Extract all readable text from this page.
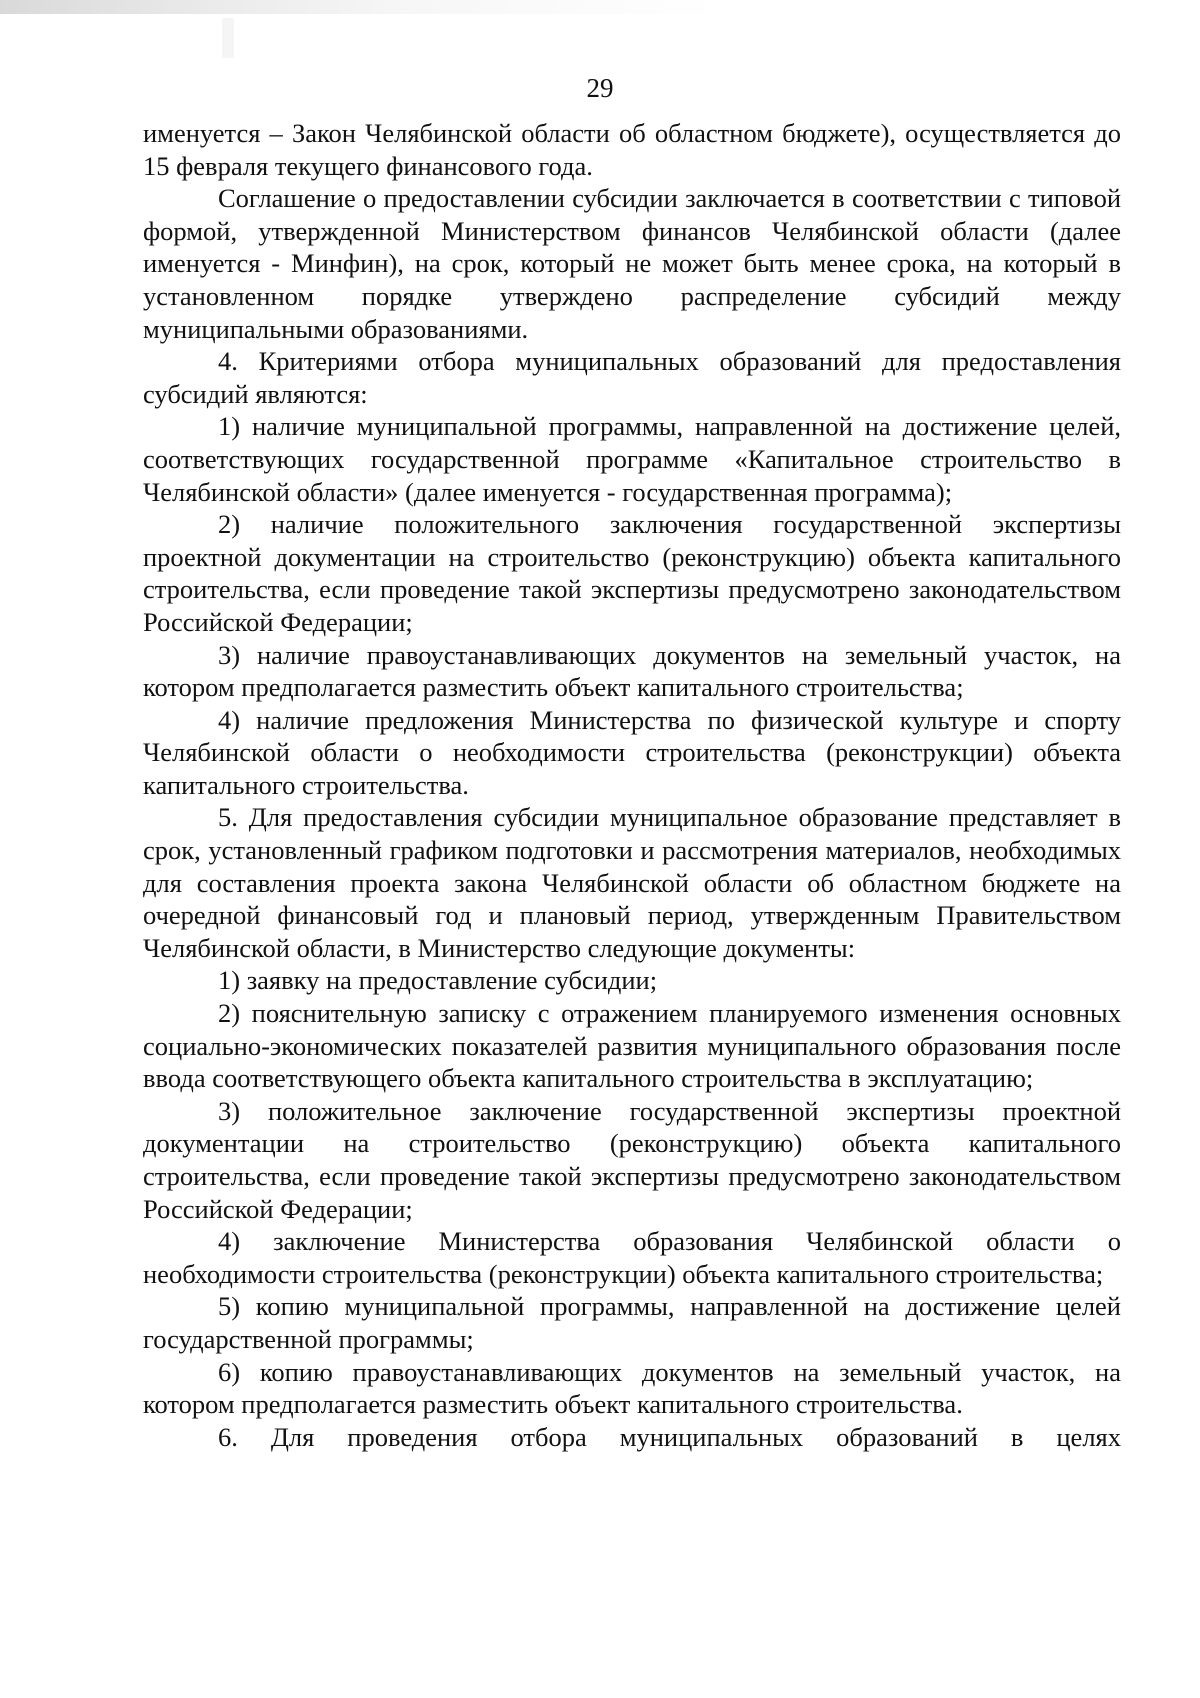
29

именуется – Закон Челябинской области об областном бюджете), осуществляется до 15 февраля текущего финансового года.

Соглашение о предоставлении субсидии заключается в соответствии с типовой формой, утвержденной Министерством финансов Челябинской области (далее именуется - Минфин), на срок, который не может быть менее срока, на который в установленном порядке утверждено распределение субсидий между муниципальными образованиями.

4. Критериями отбора муниципальных образований для предоставления субсидий являются:

1) наличие муниципальной программы, направленной на достижение целей, соответствующих государственной программе «Капитальное строительство в Челябинской области» (далее именуется - государственная программа);

2) наличие положительного заключения государственной экспертизы проектной документации на строительство (реконструкцию) объекта капитального строительства, если проведение такой экспертизы предусмотрено законодательством Российской Федерации;

3) наличие правоустанавливающих документов на земельный участок, на котором предполагается разместить объект капитального строительства;

4) наличие предложения Министерства по физической культуре и спорту Челябинской области о необходимости строительства (реконструкции) объекта капитального строительства.

5. Для предоставления субсидии муниципальное образование представляет в срок, установленный графиком подготовки и рассмотрения материалов, необходимых для составления проекта закона Челябинской области об областном бюджете на очередной финансовый год и плановый период, утвержденным Правительством Челябинской области, в Министерство следующие документы:

1) заявку на предоставление субсидии;

2) пояснительную записку с отражением планируемого изменения основных социально-экономических показателей развития муниципального образования после ввода соответствующего объекта капитального строительства в эксплуатацию;

3) положительное заключение государственной экспертизы проектной документации на строительство (реконструкцию) объекта капитального строительства, если проведение такой экспертизы предусмотрено законодательством Российской Федерации;

4) заключение Министерства образования Челябинской области о необходимости строительства (реконструкции) объекта капитального строительства;

5) копию муниципальной программы, направленной на достижение целей государственной программы;

6) копию правоустанавливающих документов на земельный участок, на котором предполагается разместить объект капитального строительства.

6. Для проведения отбора муниципальных образований в целях
